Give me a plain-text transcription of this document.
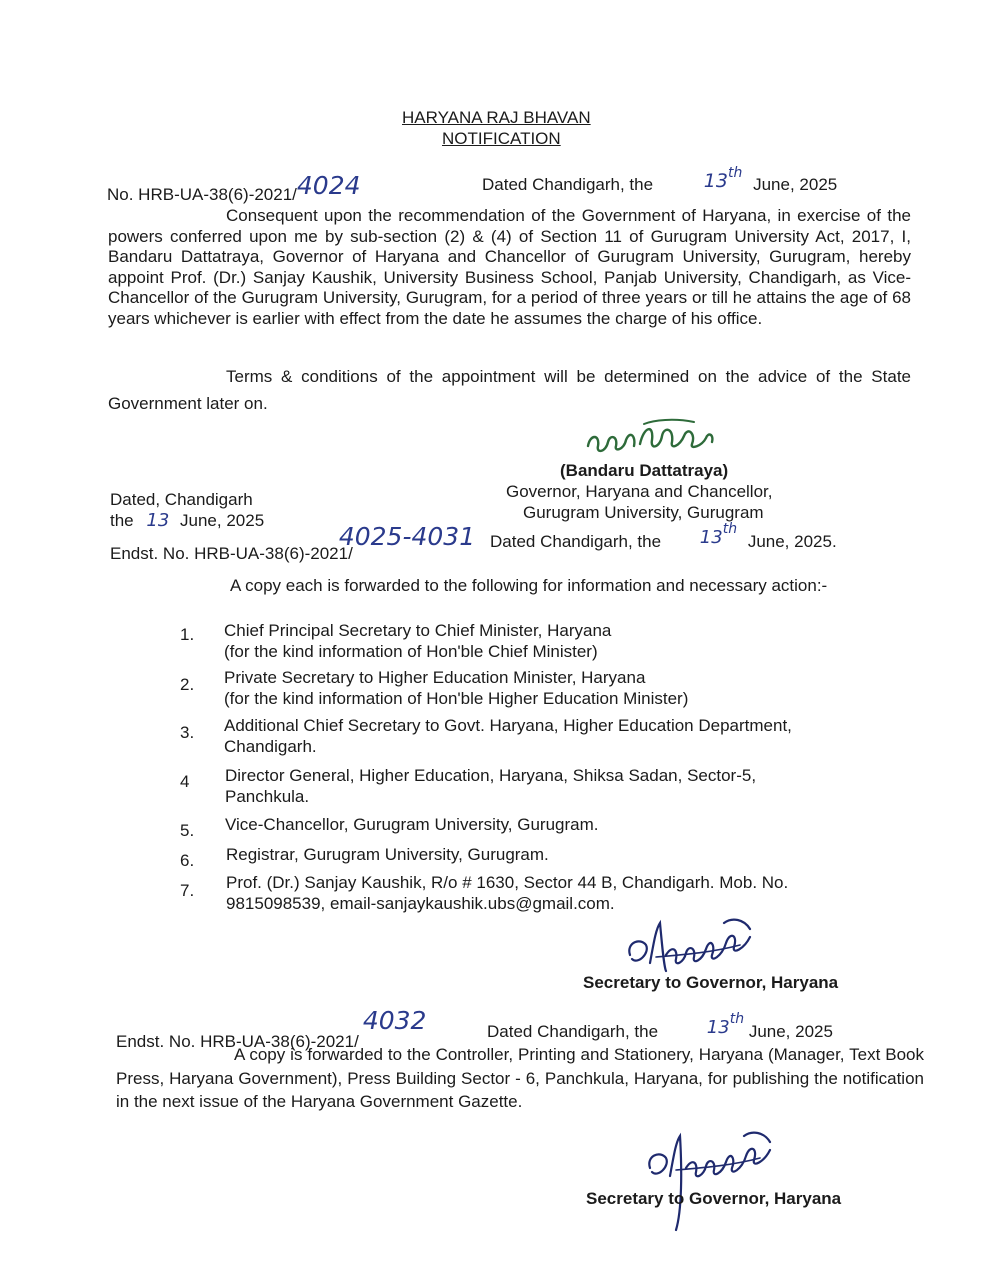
HARYANA RAJ BHAVAN
NOTIFICATION
No. HRB-UA-38(6)-2021/4024	Dated Chandigarh, the	13th June, 2025
Consequent upon the recommendation of the Government of Haryana, in exercise of the powers conferred upon me by sub-section (2) & (4) of Section 11 of Gurugram University Act, 2017, I, Bandaru Dattatraya, Governor of Haryana and Chancellor of Gurugram University, Gurugram, hereby appoint Prof. (Dr.) Sanjay Kaushik, University Business School, Panjab University, Chandigarh, as Vice-Chancellor of the Gurugram University, Gurugram, for a period of three years or till he attains the age of 68 years whichever is earlier with effect from the date he assumes the charge of his office.
Terms & conditions of the appointment will be determined on the advice of the State Government later on.
(Bandaru Dattatraya)
Governor, Haryana and Chancellor,
Gurugram University, Gurugram
Dated, Chandigarh
the 13 June, 2025
Endst. No. HRB-UA-38(6)-2021/4025-4031 Dated Chandigarh, the 13th June, 2025.
A copy each is forwarded to the following for information and necessary action:-
1. Chief Principal Secretary to Chief Minister, Haryana
(for the kind information of Hon'ble Chief Minister)
2. Private Secretary to Higher Education Minister, Haryana
(for the kind information of Hon'ble Higher Education Minister)
3. Additional Chief Secretary to Govt. Haryana, Higher Education Department,
Chandigarh.
4 Director General, Higher Education, Haryana, Shiksa Sadan, Sector-5,
Panchkula.
5. Vice-Chancellor, Gurugram University, Gurugram.
6. Registrar, Gurugram University, Gurugram.
7. Prof. (Dr.) Sanjay Kaushik, R/o # 1630, Sector 44 B, Chandigarh. Mob. No.
9815098539, email-sanjaykaushik.ubs@gmail.com.
Secretary to Governor, Haryana
Endst. No. HRB-UA-38(6)-2021/4032	Dated Chandigarh, the	13th June, 2025
A copy is forwarded to the Controller, Printing and Stationery, Haryana (Manager, Text Book Press, Haryana Government), Press Building Sector - 6, Panchkula, Haryana, for publishing the notification in the next issue of the Haryana Government Gazette.
Secretary to Governor, Haryana
